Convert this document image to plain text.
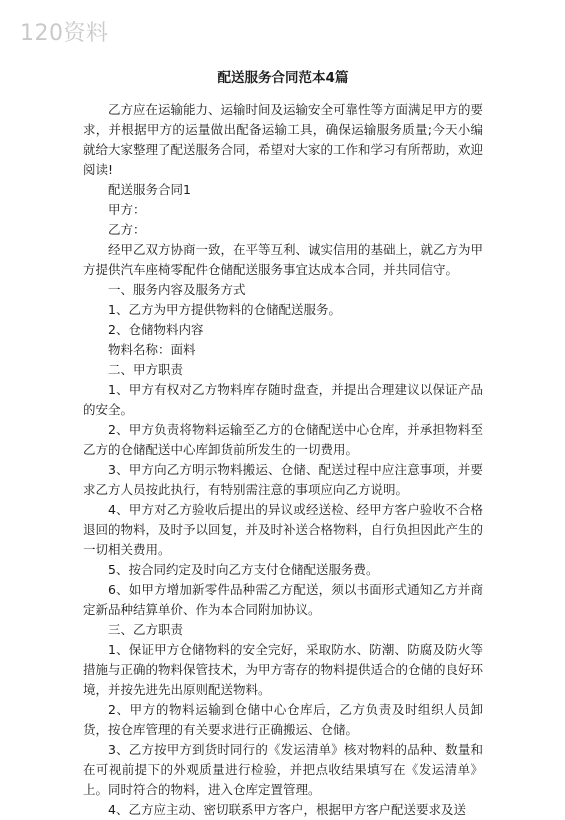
120资料
配送服务合同范本4篇

乙方应在运输能力、运输时间及运输安全可靠性等方面满足甲方的要求，并根据甲方的运量做出配备运输工具，确保运输服务质量;今天小编就给大家整理了配送服务合同，希望对大家的工作和学习有所帮助，欢迎阅读!

配送服务合同1

甲方：

乙方：

经甲乙双方协商一致，在平等互利、诚实信用的基础上，就乙方为甲方提供汽车座椅零配件仓储配送服务事宜达成本合同，并共同信守。

一、服务内容及服务方式

1、乙方为甲方提供物料的仓储配送服务。

2、仓储物料内容

物料名称：面料

二、甲方职责

1、甲方有权对乙方物料库存随时盘查，并提出合理建议以保证产品的安全。

2、甲方负责将物料运输至乙方的仓储配送中心仓库，并承担物料至乙方的仓储配送中心库卸货前所发生的一切费用。

3、甲方向乙方明示物料搬运、仓储、配送过程中应注意事项，并要求乙方人员按此执行，有特别需注意的事项应向乙方说明。

4、甲方对乙方验收后提出的异议或经送检、经甲方客户验收不合格退回的物料，及时予以回复，并及时补送合格物料，自行负担因此产生的一切相关费用。

5、按合同约定及时向乙方支付仓储配送服务费。

6、如甲方增加新零件品种需乙方配送，须以书面形式通知乙方并商定新品种结算单价、作为本合同附加协议。

三、乙方职责

1、保证甲方仓储物料的安全完好，采取防水、防潮、防腐及防火等措施与正确的物料保管技术，为甲方寄存的物料提供适合的仓储的良好环境，并按先进先出原则配送物料。

2、甲方的物料运输到仓储中心仓库后，乙方负责及时组织人员卸货，按仓库管理的有关要求进行正确搬运、仓储。

3、乙方按甲方到货时同行的《发运清单》核对物料的品种、数量和在可视前提下的外观质量进行检验，并把点收结果填写在《发运清单》上。同时符合的物料，进入仓库定置管理。

4、乙方应主动、密切联系甲方客户，根据甲方客户配送要求及送
